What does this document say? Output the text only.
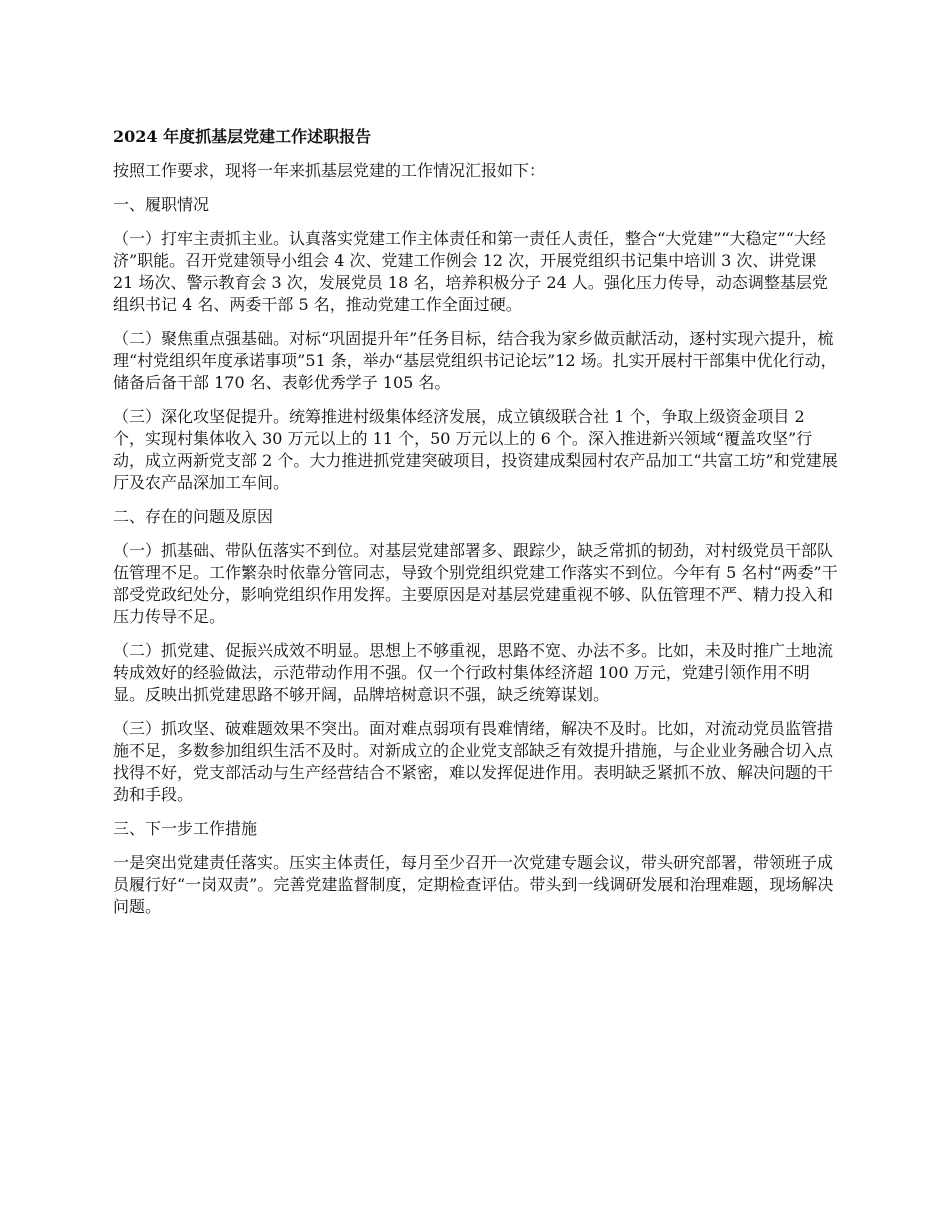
2024 年度抓基层党建工作述职报告
按照工作要求，现将一年来抓基层党建的工作情况汇报如下：
一、履职情况
（一）打牢主责抓主业。认真落实党建工作主体责任和第一责任人责任，整合“大党建”“大稳定”“大经济”职能。召开党建领导小组会 4 次、党建工作例会 12 次，开展党组织书记集中培训 3 次、讲党课 21 场次、警示教育会 3 次，发展党员 18 名，培养积极分子 24 人。强化压力传导，动态调整基层党组织书记 4 名、两委干部 5 名，推动党建工作全面过硬。
（二）聚焦重点强基础。对标“巩固提升年”任务目标，结合我为家乡做贡献活动，逐村实现六提升，梳理“村党组织年度承诺事项”51 条，举办“基层党组织书记论坛”12 场。扎实开展村干部集中优化行动，储备后备干部 170 名、表彰优秀学子 105 名。
（三）深化攻坚促提升。统筹推进村级集体经济发展，成立镇级联合社 1 个，争取上级资金项目 2 个，实现村集体收入 30 万元以上的 11 个，50 万元以上的 6 个。深入推进新兴领域“覆盖攻坚”行动，成立两新党支部 2 个。大力推进抓党建突破项目，投资建成梨园村农产品加工“共富工坊”和党建展厅及农产品深加工车间。
二、存在的问题及原因
（一）抓基础、带队伍落实不到位。对基层党建部署多、跟踪少，缺乏常抓的韧劲，对村级党员干部队伍管理不足。工作繁杂时依靠分管同志，导致个别党组织党建工作落实不到位。今年有 5 名村“两委”干部受党政纪处分，影响党组织作用发挥。主要原因是对基层党建重视不够、队伍管理不严、精力投入和压力传导不足。
（二）抓党建、促振兴成效不明显。思想上不够重视，思路不宽、办法不多。比如，未及时推广土地流转成效好的经验做法，示范带动作用不强。仅一个行政村集体经济超 100 万元，党建引领作用不明显。反映出抓党建思路不够开阔，品牌培树意识不强，缺乏统筹谋划。
（三）抓攻坚、破难题效果不突出。面对难点弱项有畏难情绪，解决不及时。比如，对流动党员监管措施不足，多数参加组织生活不及时。对新成立的企业党支部缺乏有效提升措施，与企业业务融合切入点找得不好，党支部活动与生产经营结合不紧密，难以发挥促进作用。表明缺乏紧抓不放、解决问题的干劲和手段。
三、下一步工作措施
一是突出党建责任落实。压实主体责任，每月至少召开一次党建专题会议，带头研究部署，带领班子成员履行好“一岗双责”。完善党建监督制度，定期检查评估。带头到一线调研发展和治理难题，现场解决问题。
